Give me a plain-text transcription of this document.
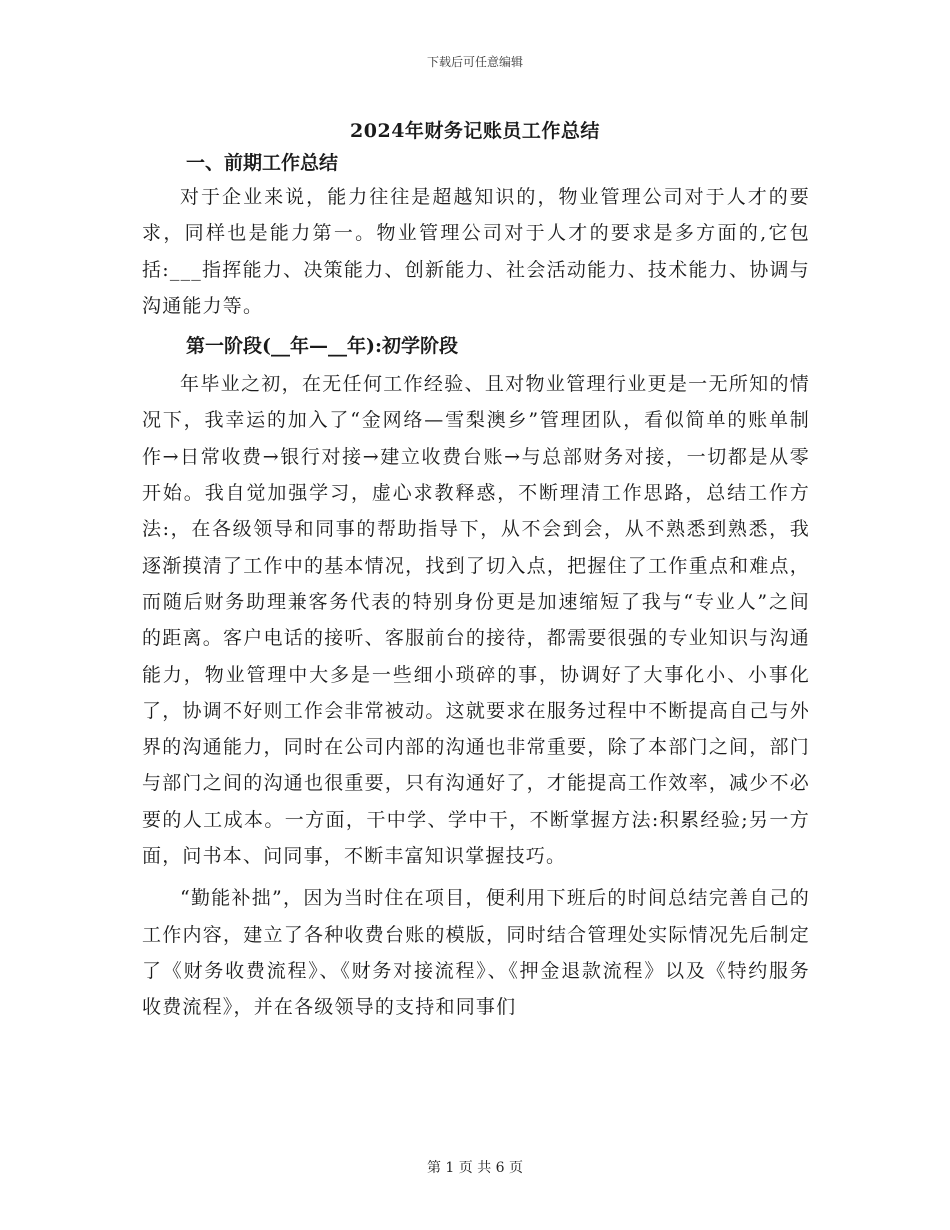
下载后可任意编辑
2024年财务记账员工作总结

一、前期工作总结

对于企业来说，能力往往是超越知识的，物业管理公司对于人才的要求，同样也是能力第一。物业管理公司对于人才的要求是多方面的,它包括:___指挥能力、决策能力、创新能力、社会活动能力、技术能力、协调与沟通能力等。

第一阶段(__年—__年):初学阶段

年毕业之初，在无任何工作经验、且对物业管理行业更是一无所知的情况下，我幸运的加入了“金网络—雪梨澳乡”管理团队，看似简单的账单制作→日常收费→银行对接→建立收费台账→与总部财务对接，一切都是从零开始。我自觉加强学习，虚心求教释惑，不断理清工作思路，总结工作方法:，在各级领导和同事的帮助指导下，从不会到会，从不熟悉到熟悉，我逐渐摸清了工作中的基本情况，找到了切入点，把握住了工作重点和难点，而随后财务助理兼客务代表的特别身份更是加速缩短了我与“专业人”之间的距离。客户电话的接听、客服前台的接待，都需要很强的专业知识与沟通能力，物业管理中大多是一些细小琐碎的事，协调好了大事化小、小事化了，协调不好则工作会非常被动。这就要求在服务过程中不断提高自己与外界的沟通能力，同时在公司内部的沟通也非常重要，除了本部门之间，部门与部门之间的沟通也很重要，只有沟通好了，才能提高工作效率，减少不必要的人工成本。一方面，干中学、学中干，不断掌握方法:积累经验;另一方面，问书本、问同事，不断丰富知识掌握技巧。

“勤能补拙”，因为当时住在项目，便利用下班后的时间总结完善自己的工作内容，建立了各种收费台账的模版，同时结合管理处实际情况先后制定了《财务收费流程》、《财务对接流程》、《押金退款流程》以及《特约服务收费流程》，并在各级领导的支持和同事们

第 1 页 共 6 页
